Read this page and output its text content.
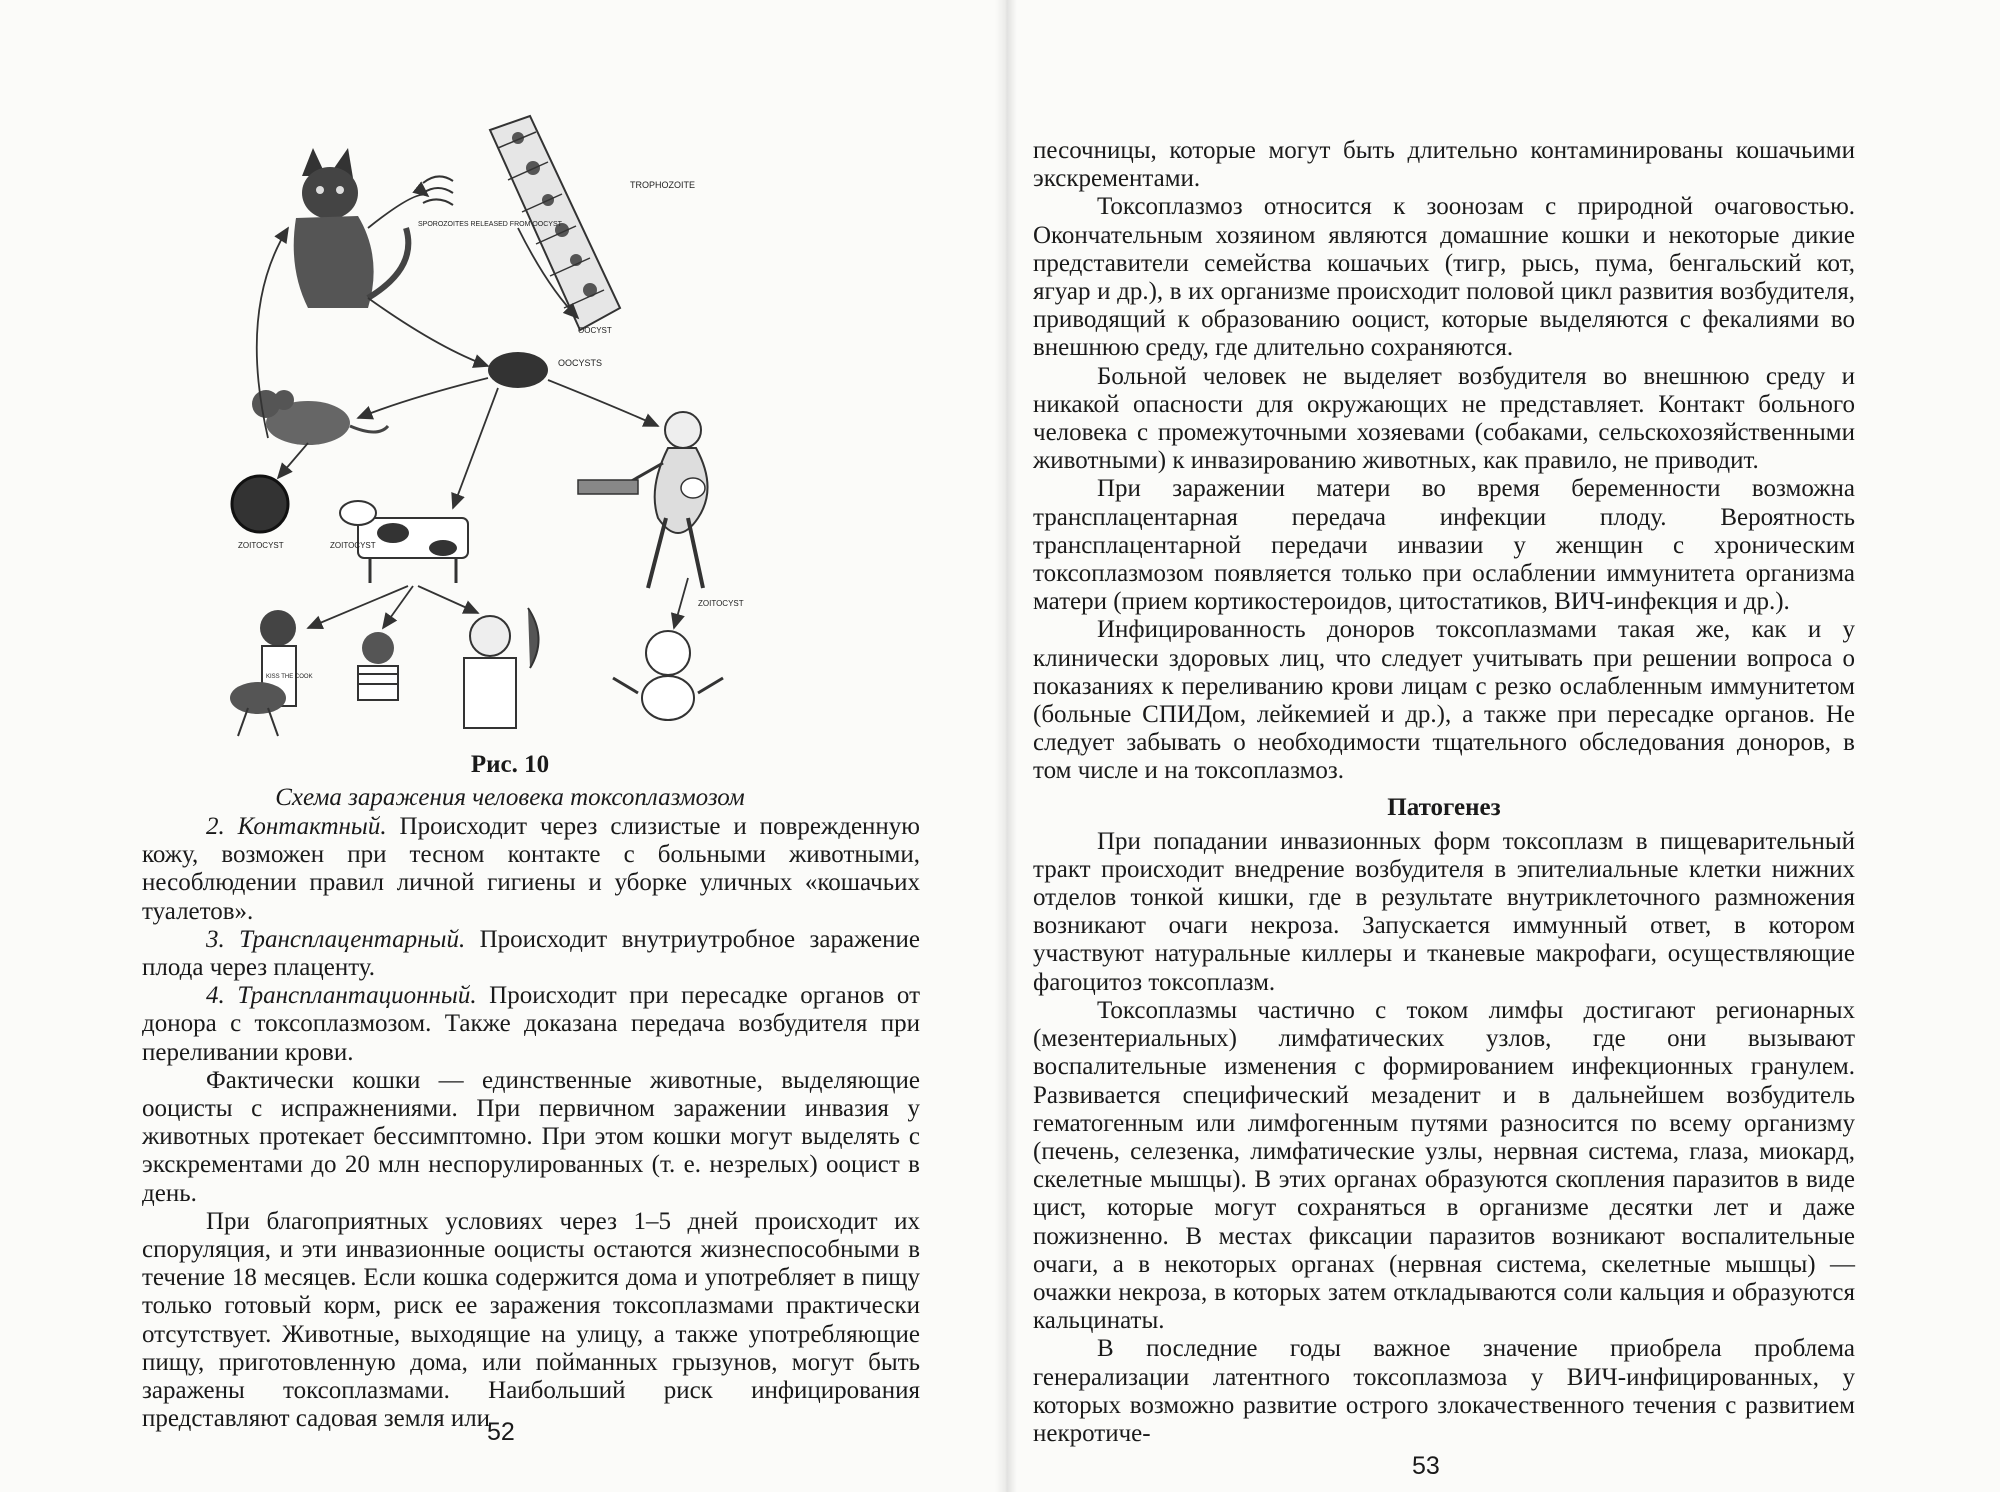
TROPHOZOITE
OOCYST
SPOROZOITES RELEASED FROM OOCYST
OOCYSTS
ZOITOCYST	ZOITOCYST
ZOITOCYST
KISS THE COOK
Рис. 10
Схема заражения человека токсоплазмозом

2. Контактный. Происходит через слизистые и поврежденную кожу, возможен при тесном контакте с больными животными, несоблюдении правил личной гигиены и уборке уличных «кошачьих туалетов».

3. Трансплацентарный. Происходит внутриутробное заражение плода через плаценту.

4. Трансплантационный. Происходит при пересадке органов от донора с токсоплазмозом. Также доказана передача возбудителя при переливании крови.

Фактически кошки — единственные животные, выделяющие ооцисты с испражнениями. При первичном заражении инвазия у животных протекает бессимптомно. При этом кошки могут выделять с экскрементами до 20 млн неспорулированных (т. е. незрелых) ооцист в день.

При благоприятных условиях через 1–5 дней происходит их споруляция, и эти инвазионные ооцисты остаются жизнеспособными в течение 18 месяцев. Если кошка содержится дома и употребляет в пищу только готовый корм, риск ее заражения токсоплазмами практически отсутствует. Животные, выходящие на улицу, а также употребляющие пищу, приготовленную дома, или пойманных грызунов, могут быть заражены токсоплазмами. Наибольший риск инфицирования представляют садовая земля или

52

песочницы, которые могут быть длительно контаминированы кошачьими экскрементами.

Токсоплазмоз относится к зоонозам с природной очаговостью. Окончательным хозяином являются домашние кошки и некоторые дикие представители семейства кошачьих (тигр, рысь, пума, бенгальский кот, ягуар и др.), в их организме происходит половой цикл развития возбудителя, приводящий к образованию ооцист, которые выделяются с фекалиями во внешнюю среду, где длительно сохраняются.

Больной человек не выделяет возбудителя во внешнюю среду и никакой опасности для окружающих не представляет. Контакт больного человека с промежуточными хозяевами (собаками, сельскохозяйственными животными) к инвазированию животных, как правило, не приводит.

При заражении матери во время беременности возможна трансплацентарная передача инфекции плоду. Вероятность трансплацентарной передачи инвазии у женщин с хроническим токсоплазмозом появляется только при ослаблении иммунитета организма матери (прием кортикостероидов, цитостатиков, ВИЧ-инфекция и др.).

Инфицированность доноров токсоплазмами такая же, как и у клинически здоровых лиц, что следует учитывать при решении вопроса о показаниях к переливанию крови лицам с резко ослабленным иммунитетом (больные СПИДом, лейкемией и др.), а также при пересадке органов. Не следует забывать о необходимости тщательного обследования доноров, в том числе и на токсоплазмоз.

Патогенез

При попадании инвазионных форм токсоплазм в пищеварительный тракт происходит внедрение возбудителя в эпителиальные клетки нижних отделов тонкой кишки, где в результате внутриклеточного размножения возникают очаги некроза. Запускается иммунный ответ, в котором участвуют натуральные киллеры и тканевые макрофаги, осуществляющие фагоцитоз токсоплазм.

Токсоплазмы частично с током лимфы достигают регионарных (мезентериальных) лимфатических узлов, где они вызывают воспалительные изменения с формированием инфекционных гранулем. Развивается специфический мезаденит и в дальнейшем возбудитель гематогенным или лимфогенным путями разносится по всему организму (печень, селезенка, лимфатические узлы, нервная система, глаза, миокард, скелетные мышцы). В этих органах образуются скопления паразитов в виде цист, которые могут сохраняться в организме десятки лет и даже пожизненно. В местах фиксации паразитов возникают воспалительные очаги, а в некоторых органах (нервная система, скелетные мышцы) — очажки некроза, в которых затем откладываются соли кальция и образуются кальцинаты.

В последние годы важное значение приобрела проблема генерализации латентного токсоплазмоза у ВИЧ-инфицированных, у которых возможно развитие острого злокачественного течения с развитием некротиче-

53
